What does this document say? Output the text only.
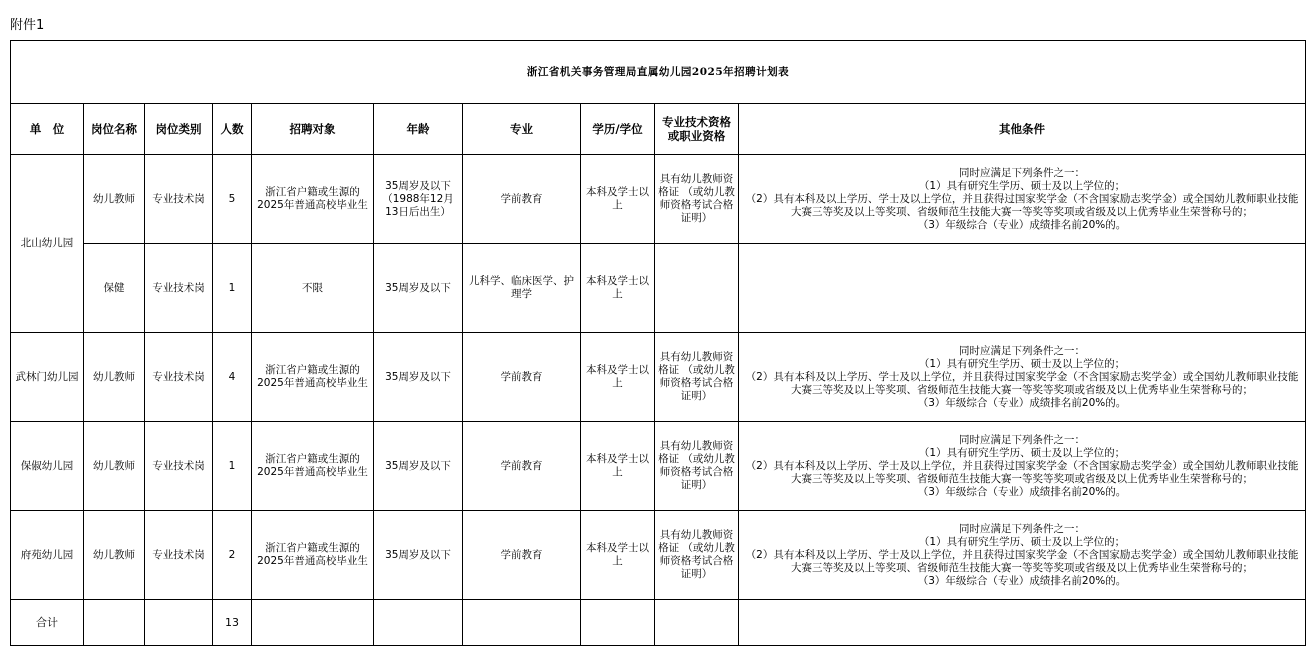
附件1
浙江省机关事务管理局直属幼儿园2025年招聘计划表									
单　位	岗位名称	岗位类别	人数	招聘对象	年龄	专业	学历/学位	专业技术资格或职业资格	其他条件
北山幼儿园	幼儿教师	专业技术岗	5	浙江省户籍或生源的2025年普通高校毕业生	35周岁及以下（1988年12月13日后出生）	学前教育	本科及学士以上	具有幼儿教师资格证 （或幼儿教师资格考试合格证明）	同时应满足下列条件之一：
（1）具有研究生学历、硕士及以上学位的；
（2）具有本科及以上学历、学士及以上学位，并且获得过国家奖学金（不含国家励志奖学金）或全国幼儿教师职业技能大赛三等奖及以上等奖项、省级师范生技能大赛一等奖等奖项或省级及以上优秀毕业生荣誉称号的；
（3）年级综合（专业）成绩排名前20%的。

	保健	专业技术岗	1	不限	35周岁及以下	儿科学、临床医学、护理学	本科及学士以上		
武林门幼儿园	幼儿教师	专业技术岗	4	浙江省户籍或生源的2025年普通高校毕业生	35周岁及以下	学前教育	本科及学士以上	具有幼儿教师资格证 （或幼儿教师资格考试合格证明）	同时应满足下列条件之一：
（1）具有研究生学历、硕士及以上学位的；
（2）具有本科及以上学历、学士及以上学位，并且获得过国家奖学金（不含国家励志奖学金）或全国幼儿教师职业技能大赛三等奖及以上等奖项、省级师范生技能大赛一等奖等奖项或省级及以上优秀毕业生荣誉称号的；
（3）年级综合（专业）成绩排名前20%的。

保俶幼儿园	幼儿教师	专业技术岗	1	浙江省户籍或生源的2025年普通高校毕业生	35周岁及以下	学前教育	本科及学士以上	具有幼儿教师资格证 （或幼儿教师资格考试合格证明）	同时应满足下列条件之一：
（1）具有研究生学历、硕士及以上学位的；
（2）具有本科及以上学历、学士及以上学位，并且获得过国家奖学金（不含国家励志奖学金）或全国幼儿教师职业技能大赛三等奖及以上等奖项、省级师范生技能大赛一等奖等奖项或省级及以上优秀毕业生荣誉称号的；
（3）年级综合（专业）成绩排名前20%的。

府苑幼儿园	幼儿教师	专业技术岗	2	浙江省户籍或生源的2025年普通高校毕业生	35周岁及以下	学前教育	本科及学士以上	具有幼儿教师资格证 （或幼儿教师资格考试合格证明）	同时应满足下列条件之一：
（1）具有研究生学历、硕士及以上学位的；
（2）具有本科及以上学历、学士及以上学位，并且获得过国家奖学金（不含国家励志奖学金）或全国幼儿教师职业技能大赛三等奖及以上等奖项、省级师范生技能大赛一等奖等奖项或省级及以上优秀毕业生荣誉称号的；
（3）年级综合（专业）成绩排名前20%的。

合计			13						
